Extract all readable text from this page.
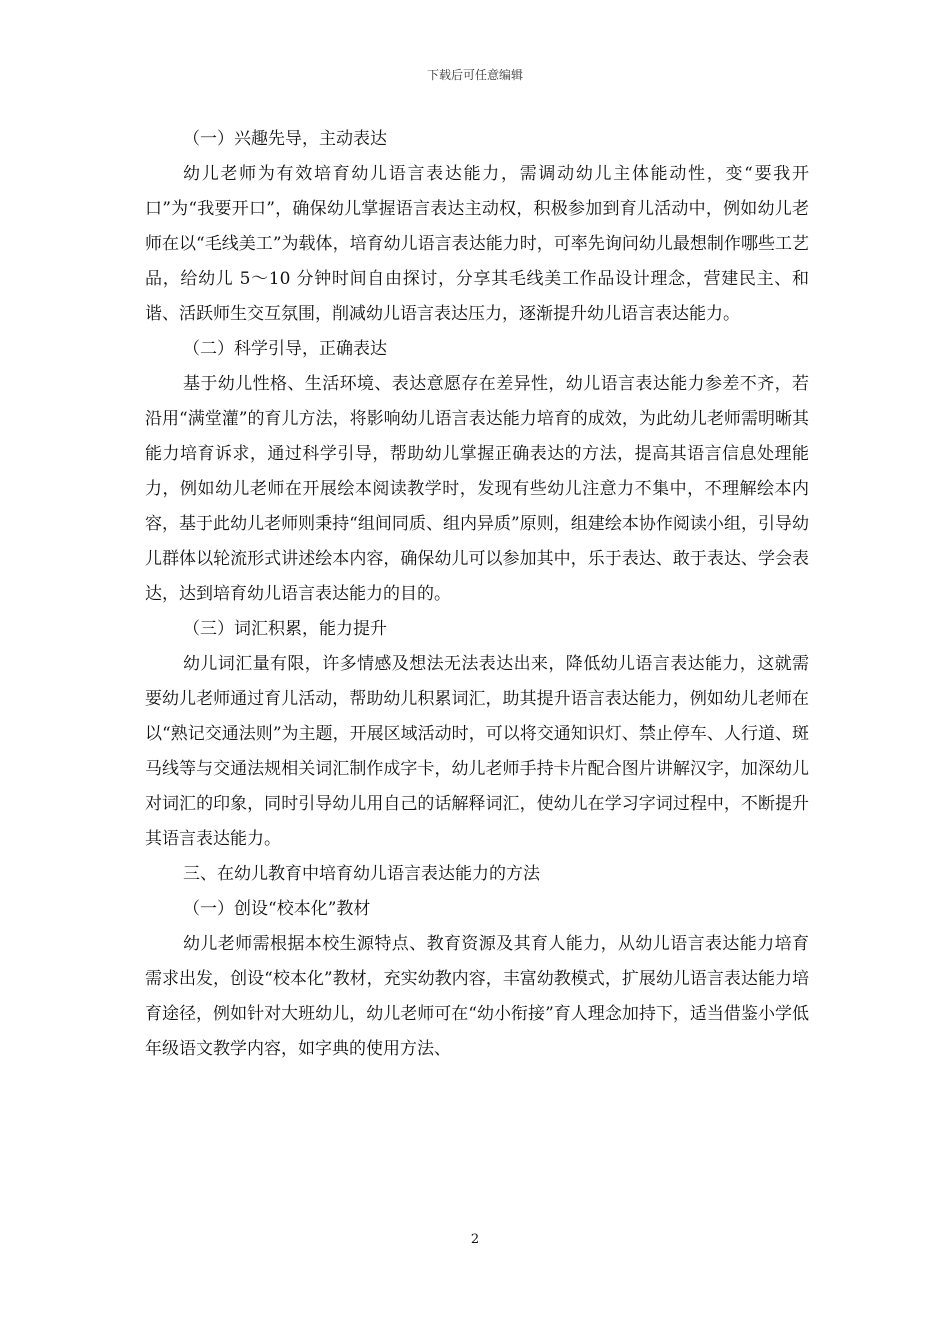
下载后可任意编辑

（一）兴趣先导，主动表达

幼儿老师为有效培育幼儿语言表达能力，需调动幼儿主体能动性，变“要我开口”为“我要开口”，确保幼儿掌握语言表达主动权，积极参加到育儿活动中，例如幼儿老师在以“毛线美工”为载体，培育幼儿语言表达能力时，可率先询问幼儿最想制作哪些工艺品，给幼儿 5～10 分钟时间自由探讨，分享其毛线美工作品设计理念，营建民主、和谐、活跃师生交互氛围，削减幼儿语言表达压力，逐渐提升幼儿语言表达能力。

（二）科学引导，正确表达

基于幼儿性格、生活环境、表达意愿存在差异性，幼儿语言表达能力参差不齐，若沿用“满堂灌”的育儿方法，将影响幼儿语言表达能力培育的成效，为此幼儿老师需明晰其能力培育诉求，通过科学引导，帮助幼儿掌握正确表达的方法，提高其语言信息处理能力，例如幼儿老师在开展绘本阅读教学时，发现有些幼儿注意力不集中，不理解绘本内容，基于此幼儿老师则秉持“组间同质、组内异质”原则，组建绘本协作阅读小组，引导幼儿群体以轮流形式讲述绘本内容，确保幼儿可以参加其中，乐于表达、敢于表达、学会表达，达到培育幼儿语言表达能力的目的。

（三）词汇积累，能力提升

幼儿词汇量有限，许多情感及想法无法表达出来，降低幼儿语言表达能力，这就需要幼儿老师通过育儿活动，帮助幼儿积累词汇，助其提升语言表达能力，例如幼儿老师在以“熟记交通法则”为主题，开展区域活动时，可以将交通知识灯、禁止停车、人行道、斑马线等与交通法规相关词汇制作成字卡，幼儿老师手持卡片配合图片讲解汉字，加深幼儿对词汇的印象，同时引导幼儿用自己的话解释词汇，使幼儿在学习字词过程中，不断提升其语言表达能力。

三、在幼儿教育中培育幼儿语言表达能力的方法

（一）创设“校本化”教材

幼儿老师需根据本校生源特点、教育资源及其育人能力，从幼儿语言表达能力培育需求出发，创设“校本化”教材，充实幼教内容，丰富幼教模式，扩展幼儿语言表达能力培育途径，例如针对大班幼儿，幼儿老师可在“幼小衔接”育人理念加持下，适当借鉴小学低年级语文教学内容，如字典的使用方法、

2
